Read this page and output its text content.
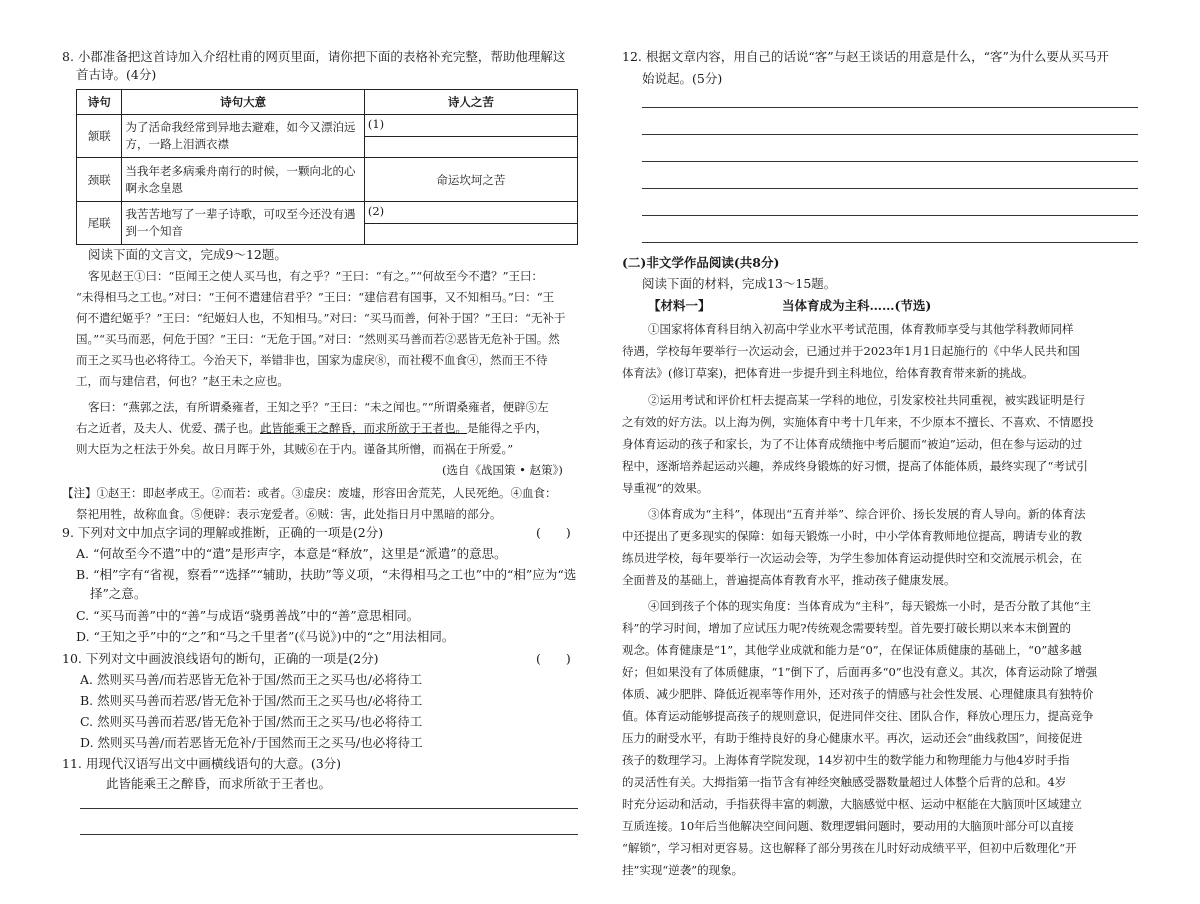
8. 小郡准备把这首诗加入介绍杜甫的网页里面，请你把下面的表格补充完整，帮助他理解这
首古诗。(4分)
诗句	诗句大意	诗人之苦
颔联	为了活命我经常到异地去避难，如今又漂泊远方，一路上泪洒衣襟	(1)

颈联	当我年老多病乘舟南行的时候，一颗向北的心啊永念皇恩	命运坎坷之苦
尾联	我苦苦地写了一辈子诗歌，可叹至今还没有遇到一个知音	(2)
阅读下面的文言文，完成9～12题。
客见赵王①曰：“臣闻王之使人买马也，有之乎？”王曰：“有之。”“何故至今不遣？”王曰：
“未得相马之工也。”对曰：“王何不遣建信君乎？”王曰：“建信君有国事，又不知相马。”曰：“王
何不遣纪姬乎？”王曰：“纪姬妇人也，不知相马。”对曰：“买马而善，何补于国？”王曰：“无补于
国。”“买马而恶，何危于国？”王曰：“无危于国。”对曰：“然则买马善而若②恶皆无危补于国。然
而王之买马也必将待工。今治天下，举错非也，国家为虚戾⑧，而社稷不血食④，然而王不待
工，而与建信君，何也？”赵王未之应也。
客曰：“燕郭之法，有所谓桑雍者，王知之乎？”王曰：“未之闻也。”“所谓桑雍者，便辟⑤左
右之近者，及夫人、优爱、孺子也。此皆能乘王之醉昏，而求所欲于王者也。是能得之乎内，
则大臣为之枉法于外矣。故日月晖于外，其贼⑥在于内。谨备其所憎，而祸在于所爱。”
(选自《战国策 • 赵策》)
【注】①赵王：即赵孝成王。②而若：或者。③虚戾：废墟，形容田舍荒芜，人民死绝。④血食：
祭祀用牲，故称血食。⑤便辟：表示宠爱者。⑥贼：害，此处指日月中黑暗的部分。
9. 下列对文中加点字词的理解或推断，正确的一项是(2分)	(　　)
A. “何故至今不遣”中的“遣”是形声字，本意是“释放”，这里是“派遣”的意思。
B. “相”字有“省视，察看”“选择”“辅助，扶助”等义项，“未得相马之工也”中的“相”应为“选
择”之意。
C. “买马而善”中的“善”与成语“骁勇善战”中的“善”意思相同。
D. “王知之乎”中的“之”和“马之千里者”(《马说》)中的“之”用法相同。
10. 下列对文中画波浪线语句的断句，正确的一项是(2分)	(　　)
A. 然则买马善/而若恶皆无危补于国/然而王之买马也/必将待工
B. 然则买马善而若恶/皆无危补于国/然而王之买马也/必将待工
C. 然则买马善而若恶/皆无危补于国/然而王之买马/也必将待工
D. 然则买马善/而若恶皆无危补/于国然而王之买马/也必将待工
11. 用现代汉语写出文中画横线语句的大意。(3分)
此皆能乘王之醉昏，而求所欲于王者也。
12. 根据文章内容，用自己的话说“客”与赵王谈话的用意是什么，“客”为什么要从买马开
始说起。(5分)
(二)非文学作品阅读(共8分)
阅读下面的材料，完成13～15题。
【材料一】	当体育成为主科……(节选)
①国家将体育科目纳入初高中学业水平考试范围，体育教师享受与其他学科教师同样
待遇，学校每年要举行一次运动会，已通过并于2023年1月1日起施行的《中华人民共和国
体育法》(修订草案)，把体育进一步提升到主科地位，给体育教育带来新的挑战。
②运用考试和评价杠杆去提高某一学科的地位，引发家校社共同重视，被实践证明是行
之有效的好方法。以上海为例，实施体育中考十几年来，不少原本不擅长、不喜欢、不情愿投
身体育运动的孩子和家长，为了不让体育成绩拖中考后腿而“被迫”运动，但在参与运动的过
程中，逐渐培养起运动兴趣，养成终身锻炼的好习惯，提高了体能体质，最终实现了“考试引
导重视”的效果。
③体育成为“主科”，体现出“五育并举”、综合评价、扬长发展的育人导向。新的体育法
中还提出了更多现实的保障：如每天锻炼一小时，中小学体育教师地位提高，聘请专业的教
练员进学校，每年要举行一次运动会等，为学生参加体育运动提供时空和交流展示机会，在
全面普及的基础上，普遍提高体育教育水平，推动孩子健康发展。
④回到孩子个体的现实角度：当体育成为“主科”，每天锻炼一小时，是否分散了其他“主
科”的学习时间，增加了应试压力呢?传统观念需要转型。首先要打破长期以来本末倒置的
观念。体育健康是“1”，其他学业成就和能力是“0”，在保证体质健康的基础上，“0”越多越
好；但如果没有了体质健康，“1”倒下了，后面再多“0”也没有意义。其次，体育运动除了增强
体质、减少肥胖、降低近视率等作用外，还对孩子的情感与社会性发展、心理健康具有独特价
值。体育运动能够提高孩子的规则意识，促进同伴交往、团队合作，释放心理压力，提高竞争
压力的耐受水平，有助于维持良好的身心健康水平。再次，运动还会“曲线救国”，间接促进
孩子的数理学习。上海体育学院发现，14岁初中生的数学能力和物理能力与他4岁时手指
的灵活性有关。大拇指第一指节含有神经突触感受器数量超过人体整个后背的总和。4岁
时充分运动和活动，手指获得丰富的刺激，大脑感觉中枢、运动中枢能在大脑顶叶区域建立
互质连接。10年后当他解决空间问题、数理逻辑问题时，要动用的大脑顶叶部分可以直接
“解锁”，学习相对更容易。这也解释了部分男孩在儿时好动成绩平平，但初中后数理化“开
挂”实现“逆袭”的现象。
